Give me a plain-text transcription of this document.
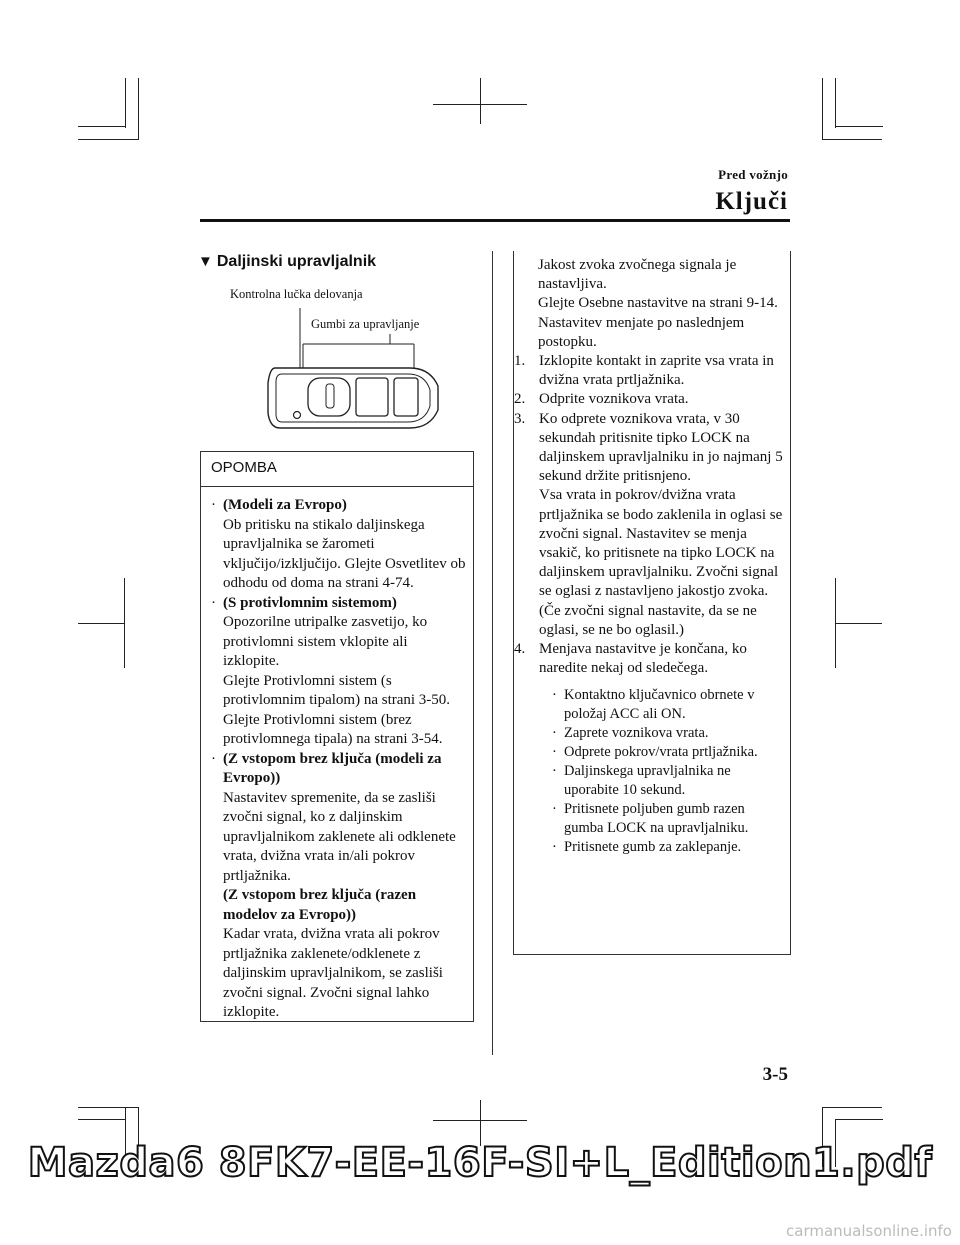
Pred vožnjo
Ključi
▼ Daljinski upravljalnik
Kontrolna lučka delovanja
Gumbi za upravljanje
OPOMBA
· (Modeli za Evropo)
Ob pritisku na stikalo daljinskega upravljalnika se žarometi vključijo/izključijo. Glejte Osvetlitev ob odhodu od doma na strani 4-74.
· (S protivlomnim sistemom)
Opozorilne utripalke zasvetijo, ko protivlomni sistem vklopite ali izklopite.
Glejte Protivlomni sistem (s protivlomnim tipalom) na strani 3-50.
Glejte Protivlomni sistem (brez protivlomnega tipala) na strani 3-54.
· (Z vstopom brez ključa (modeli za Evropo))
Nastavitev spremenite, da se zasliši zvočni signal, ko z daljinskim upravljalnikom zaklenete ali odklenete vrata, dvižna vrata in/ali pokrov prtljažnika.
(Z vstopom brez ključa (razen modelov za Evropo))
Kadar vrata, dvižna vrata ali pokrov prtljažnika zaklenete/odklenete z daljinskim upravljalnikom, se zasliši zvočni signal. Zvočni signal lahko izklopite.
Jakost zvoka zvočnega signala je nastavljiva.
Glejte Osebne nastavitve na strani 9-14.
Nastavitev menjate po naslednjem postopku.
1. Izklopite kontakt in zaprite vsa vrata in dvižna vrata prtljažnika.
2. Odprite voznikova vrata.
3. Ko odprete voznikova vrata, v 30 sekundah pritisnite tipko LOCK na daljinskem upravljalniku in jo najmanj 5 sekund držite pritisnjeno.
Vsa vrata in pokrov/dvižna vrata prtljažnika se bodo zaklenila in oglasi se zvočni signal. Nastavitev se menja vsakič, ko pritisnete na tipko LOCK na daljinskem upravljalniku. Zvočni signal se oglasi z nastavljeno jakostjo zvoka. (Če zvočni signal nastavite, da se ne oglasi, se ne bo oglasil.)
4. Menjava nastavitve je končana, ko naredite nekaj od sledečega.
· Kontaktno ključavnico obrnete v položaj ACC ali ON.
· Zaprete voznikova vrata.
· Odprete pokrov/vrata prtljažnika.
· Daljinskega upravljalnika ne uporabite 10 sekund.
· Pritisnete poljuben gumb razen gumba LOCK na upravljalniku.
· Pritisnete gumb za zaklepanje.
3-5
Mazda6 8FK7-EE-16F-SI+L_Edition1.pdf
carmanualsonline.info
